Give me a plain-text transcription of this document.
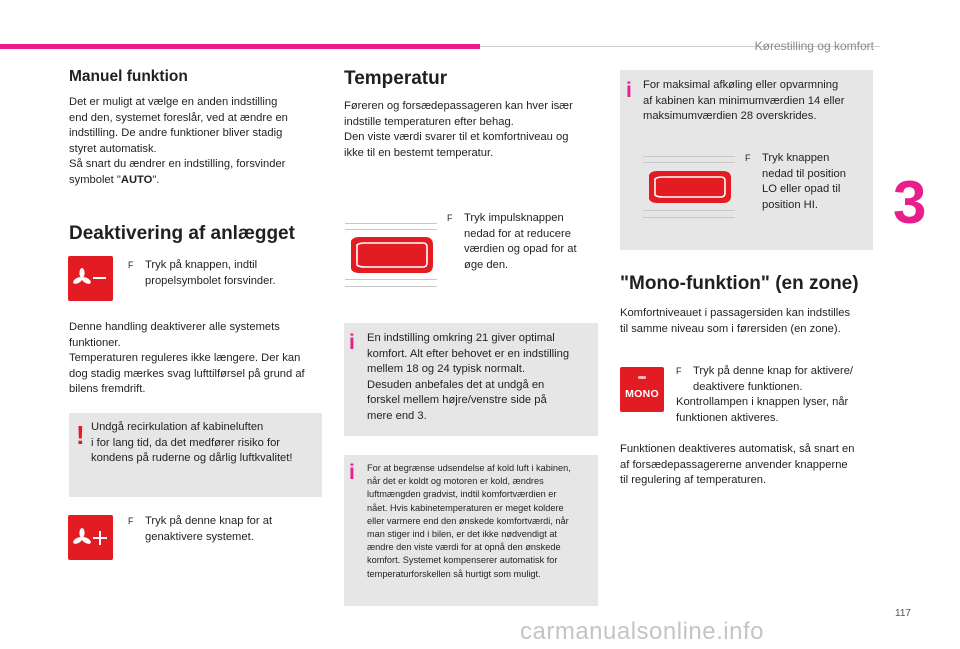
Kørestilling og komfort
3
117
carmanualsonline.info
Manuel funktion

Det er muligt at vælge en anden indstilling

end den, systemet foreslår, ved at ændre en

indstilling. De andre funktioner bliver stadig

styret automatisk.

Så snart du ændrer en indstilling, forsvinder

symbolet "AUTO".

Deaktivering af anlægget
F	Tryk på knappen, indtil
propelsymbolet forsvinder.

Denne handling deaktiverer alle systemets

funktioner.

Temperaturen reguleres ikke længere. Der kan

dog stadig mærkes svag lufttilførsel på grund af

bilens fremdrift.

! Undgå recirkulation af kabineluften

i for lang tid, da det medfører risiko for

kondens på ruderne og dårlig luftkvalitet!

F	Tryk på denne knap for at
genaktivere systemet.
Temperatur

Føreren og forsædepassageren kan hver især

indstille temperaturen efter behag.

Den viste værdi svarer til et komfortniveau og

ikke til en bestemt temperatur.

F	Tryk impulsknappen
nedad for at reducere
værdien og opad for at
øge den.
i En indstilling omkring 21 giver optimal

komfort. Alt efter behovet er en indstilling

mellem 18 og 24 typisk normalt.

Desuden anbefales det at undgå en

forskel mellem højre/venstre side på

mere end 3.

i For at begrænse udsendelse af kold luft i kabinen,
når det er koldt og motoren er kold, ændres
luftmængden gradvist, indtil komfortværdien er
nået. Hvis kabinetemperaturen er meget koldere
eller varmere end den ønskede komfortværdi, når
man stiger ind i bilen, er det ikke nødvendigt at
ændre den viste værdi for at opnå den ønskede
komfort. Systemet kompenserer automatisk for
temperaturforskellen så hurtigt som muligt.
i For maksimal afkøling eller opvarmning

af kabinen kan minimumværdien 14 eller

maksimumværdien 28 overskrides.

F	Tryk knappen
nedad til position
LO eller opad til
position HI.
"Mono-funktion" (en zone)

Komfortniveauet i passagersiden kan indstilles

til samme niveau som i førersiden (en zone).

MONO
F	Tryk på denne knap for aktivere/
deaktivere funktionen.

Kontrollampen i knappen lyser, når

funktionen aktiveres.

Funktionen deaktiveres automatisk, så snart en

af forsædepassagererne anvender knapperne

til regulering af temperaturen.
